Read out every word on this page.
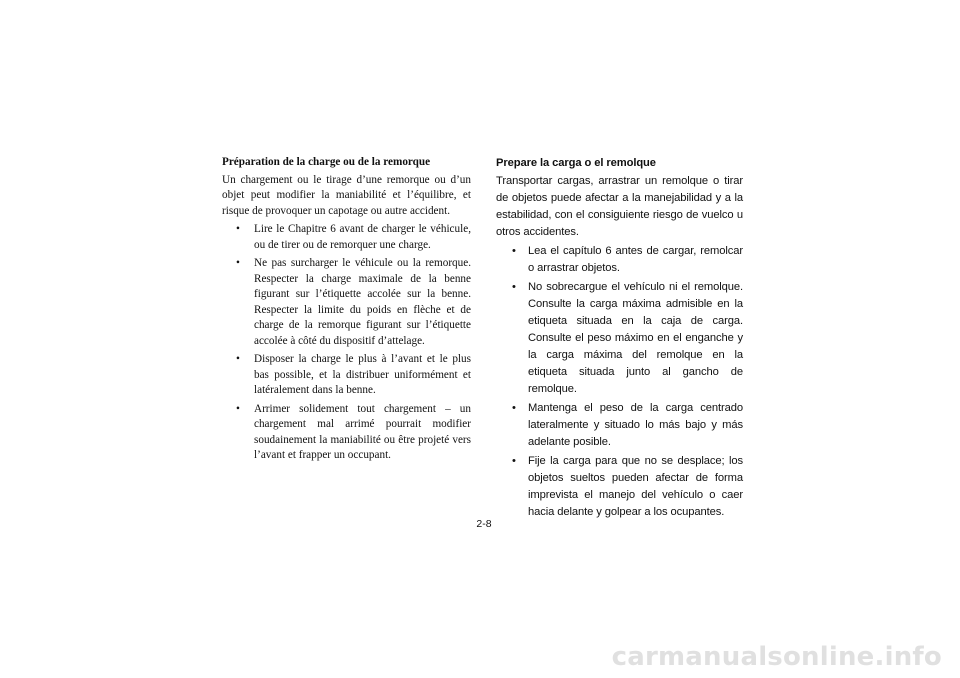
Préparation de la charge ou de la remorque

Un chargement ou le tirage d’une remorque ou d’un objet peut modifier la maniabilité et l’équilibre, et risque de provoquer un capotage ou autre accident.

• Lire le Chapitre 6 avant de charger le véhicule, ou de tirer ou de remorquer une charge.
• Ne pas surcharger le véhicule ou la remorque. Respecter la charge maximale de la benne figurant sur l’étiquette accolée sur la benne. Respecter la limite du poids en flèche et de charge de la remorque figurant sur l’étiquette accolée à côté du dispositif d’attelage.
• Disposer la charge le plus à l’avant et le plus bas possible, et la distribuer uniformément et latéralement dans la benne.
• Arrimer solidement tout chargement – un chargement mal arrimé pourrait modifier soudainement la maniabilité ou être projeté vers l’avant et frapper un occupant.

Prepare la carga o el remolque

Transportar cargas, arrastrar un remolque o tirar de objetos puede afectar a la manejabilidad y a la estabilidad, con el consiguiente riesgo de vuelco u otros accidentes.

• Lea el capítulo 6 antes de cargar, remolcar o arrastrar objetos.
• No sobrecargue el vehículo ni el remolque. Consulte la carga máxima admisible en la etiqueta situada en la caja de carga. Consulte el peso máximo en el enganche y la carga máxima del remolque en la etiqueta situada junto al gancho de remolque.
• Mantenga el peso de la carga centrado lateralmente y situado lo más bajo y más adelante posible.
• Fije la carga para que no se desplace; los objetos sueltos pueden afectar de forma imprevista el manejo del vehículo o caer hacia delante y golpear a los ocupantes.
2-8
carmanualsonline.info
